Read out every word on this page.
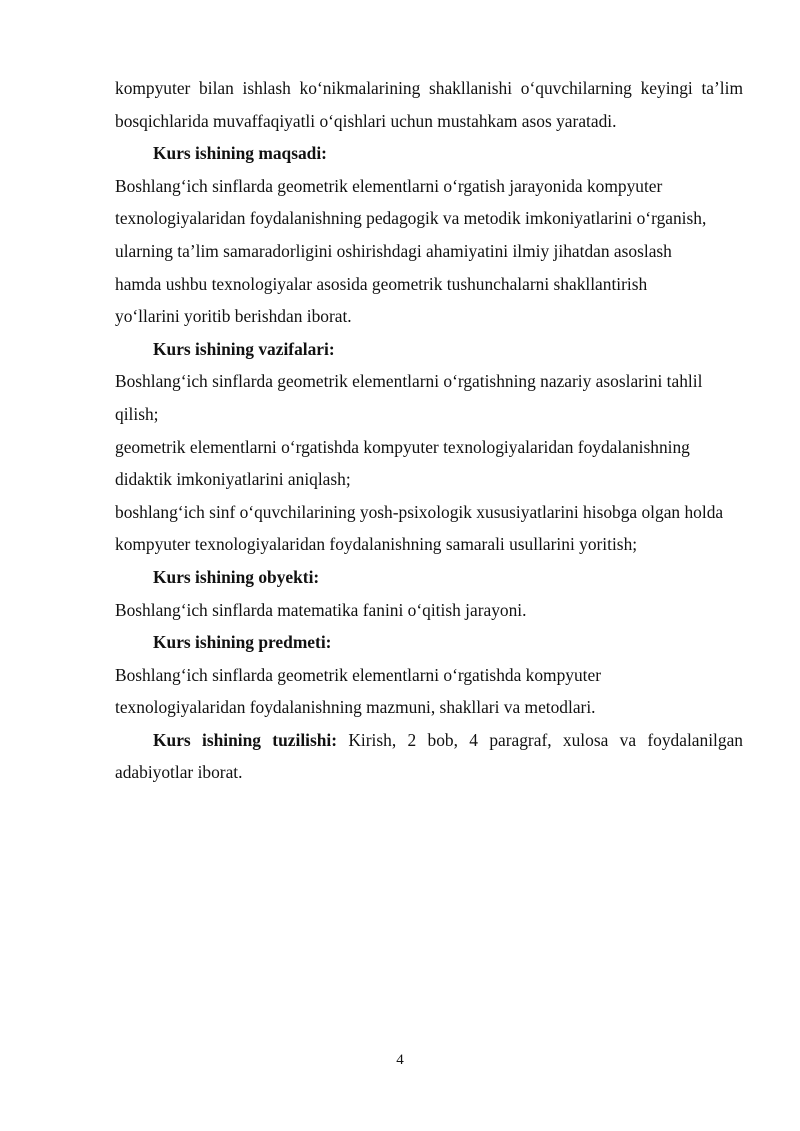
kompyuter bilan ishlash ko‘nikmalarining shakllanishi o‘quvchilarning keyingi ta’lim bosqichlarida muvaffaqiyatli o‘qishlari uchun mustahkam asos yaratadi.

Kurs ishining maqsadi:

Boshlang‘ich sinflarda geometrik elementlarni o‘rgatish jarayonida kompyuter texnologiyalaridan foydalanishning pedagogik va metodik imkoniyatlarini o‘rganish, ularning ta’lim samaradorligini oshirishdagi ahamiyatini ilmiy jihatdan asoslash hamda ushbu texnologiyalar asosida geometrik tushunchalarni shakllantirish yo‘llarini yoritib berishdan iborat.

Kurs ishining vazifalari:

Boshlang‘ich sinflarda geometrik elementlarni o‘rgatishning nazariy asoslarini tahlil qilish;

geometrik elementlarni o‘rgatishda kompyuter texnologiyalaridan foydalanishning didaktik imkoniyatlarini aniqlash;

boshlang‘ich sinf o‘quvchilarining yosh-psixologik xususiyatlarini hisobga olgan holda kompyuter texnologiyalaridan foydalanishning samarali usullarini yoritish;

Kurs ishining obyekti:

Boshlang‘ich sinflarda matematika fanini o‘qitish jarayoni.

Kurs ishining predmeti:

Boshlang‘ich sinflarda geometrik elementlarni o‘rgatishda kompyuter texnologiyalaridan foydalanishning mazmuni, shakllari va metodlari.

Kurs ishining tuzilishi: Kirish, 2 bob, 4 paragraf, xulosa va foydalanilgan adabiyotlar iborat.

4
